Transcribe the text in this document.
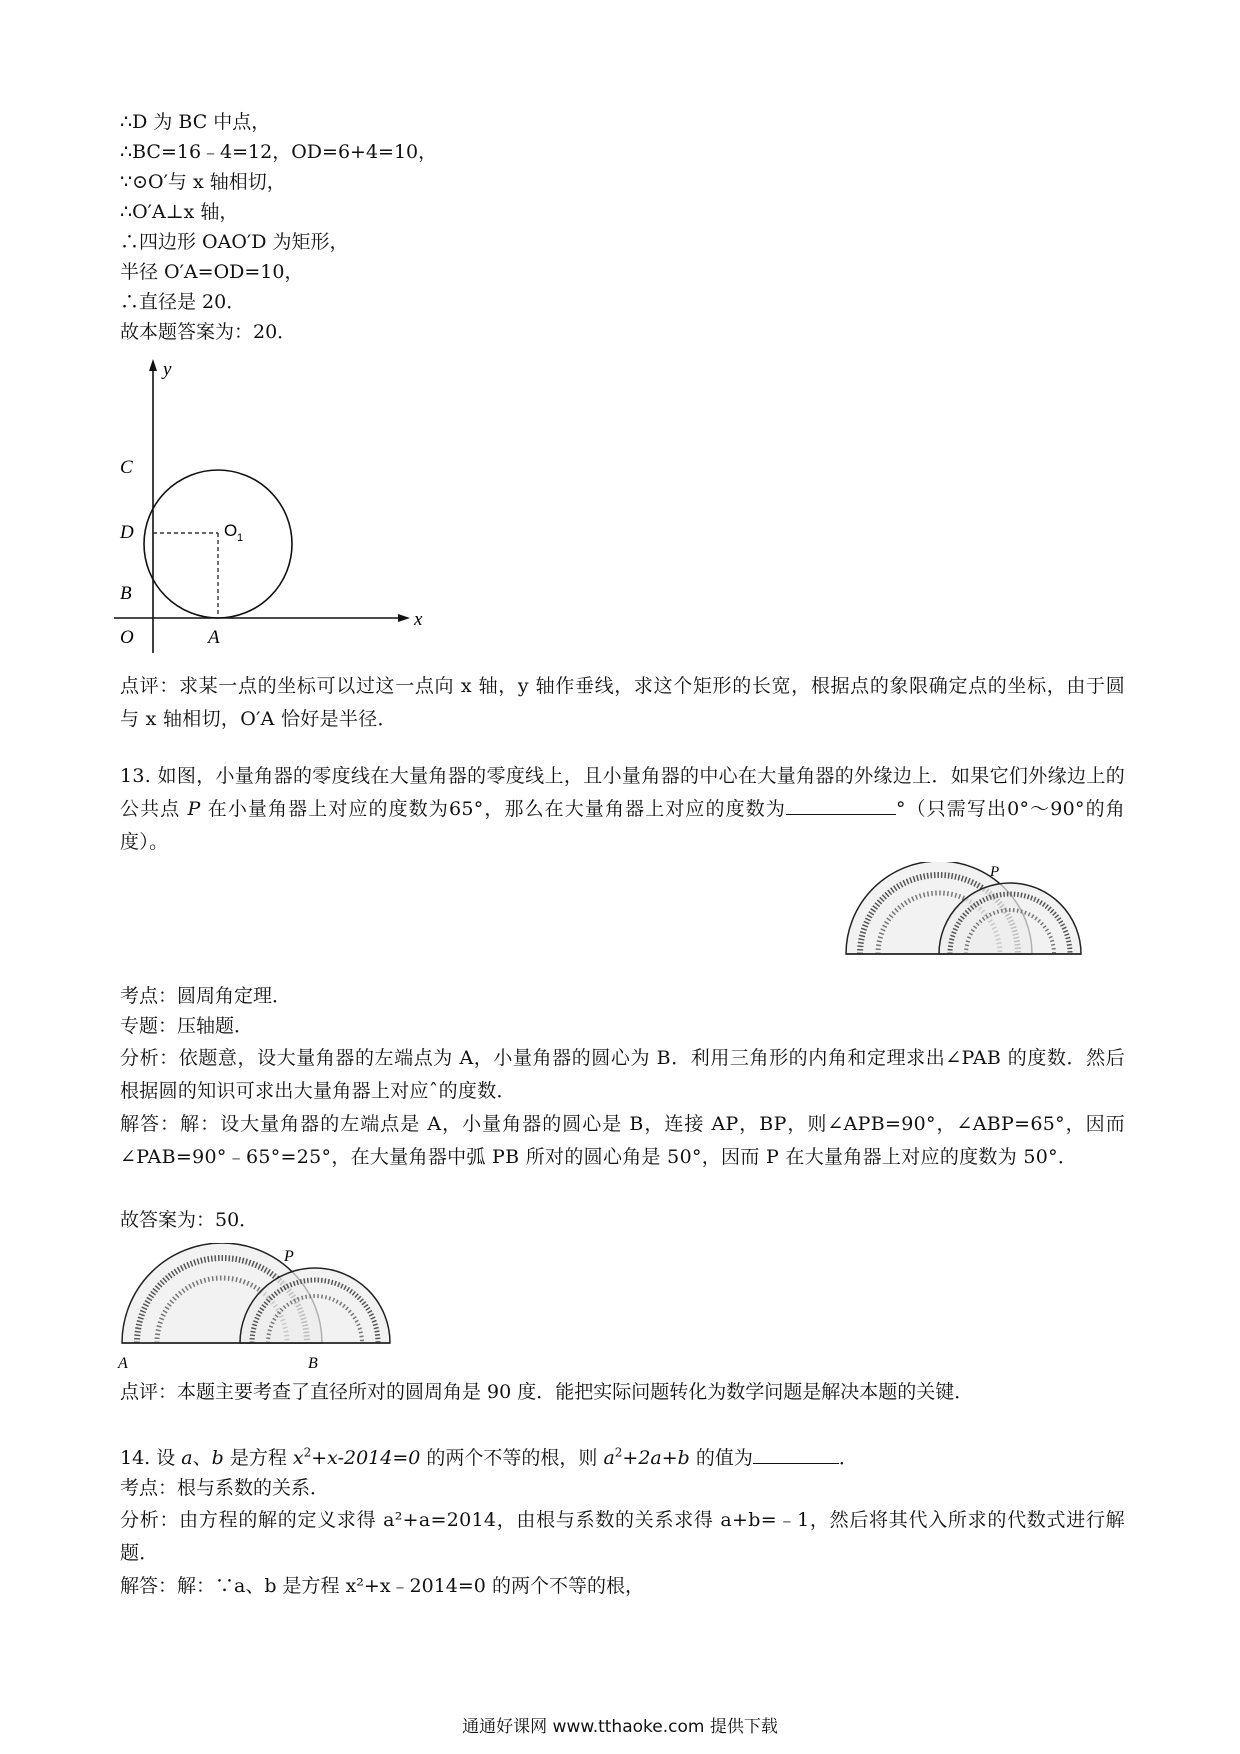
∴D 为 BC 中点，
∴BC=16﹣4=12，OD=6+4=10，
∵⊙O′与 x 轴相切，
∴O′A⊥x 轴，
∴四边形 OAO′D 为矩形，
半径 O′A=OD=10，
∴直径是 20．
故本题答案为：20．
y
x
C
D
B
O	A
O 1
点评：求某一点的坐标可以过这一点向 x 轴，y 轴作垂线，求这个矩形的长宽，根据点的象限确定点的坐标，由于圆与 x 轴相切，O′A 恰好是半径．
13. 如图，小量角器的零度线在大量角器的零度线上，且小量角器的中心在大量角器的外缘边上．如果它们外缘边上的公共点 P 在小量角器上对应的度数为65°，那么在大量角器上对应的度数为	°（只需写出0°～90°的角度）。
P
考点：圆周角定理．
专题：压轴题．
分析：依题意，设大量角器的左端点为 A，小量角器的圆心为 B．利用三角形的内角和定理求出∠PAB 的度数．然后根据圆的知识可求出大量角器上对应ˆ的度数．
解答：解：设大量角器的左端点是 A，小量角器的圆心是 B，连接 AP，BP，则∠APB=90°，∠ABP=65°，因而∠PAB=90°﹣65°=25°，在大量角器中弧 PB 所对的圆心角是 50°，因而 P 在大量角器上对应的度数为 50°．
故答案为：50．
P
A	B
点评：本题主要考查了直径所对的圆周角是 90 度．能把实际问题转化为数学问题是解决本题的关键．
14. 设 a、b 是方程 $x^2+x-2014=0$ 的两个不等的根，则 $a^2+2a+b$ 的值为	．
考点：根与系数的关系．
分析：由方程的解的定义求得 a²+a=2014，由根与系数的关系求得 a+b=﹣1，然后将其代入所求的代数式进行解题．
解答：解：∵a、b 是方程 x²+x﹣2014=0 的两个不等的根，
通通好课网 www.tthaoke.com 提供下载
